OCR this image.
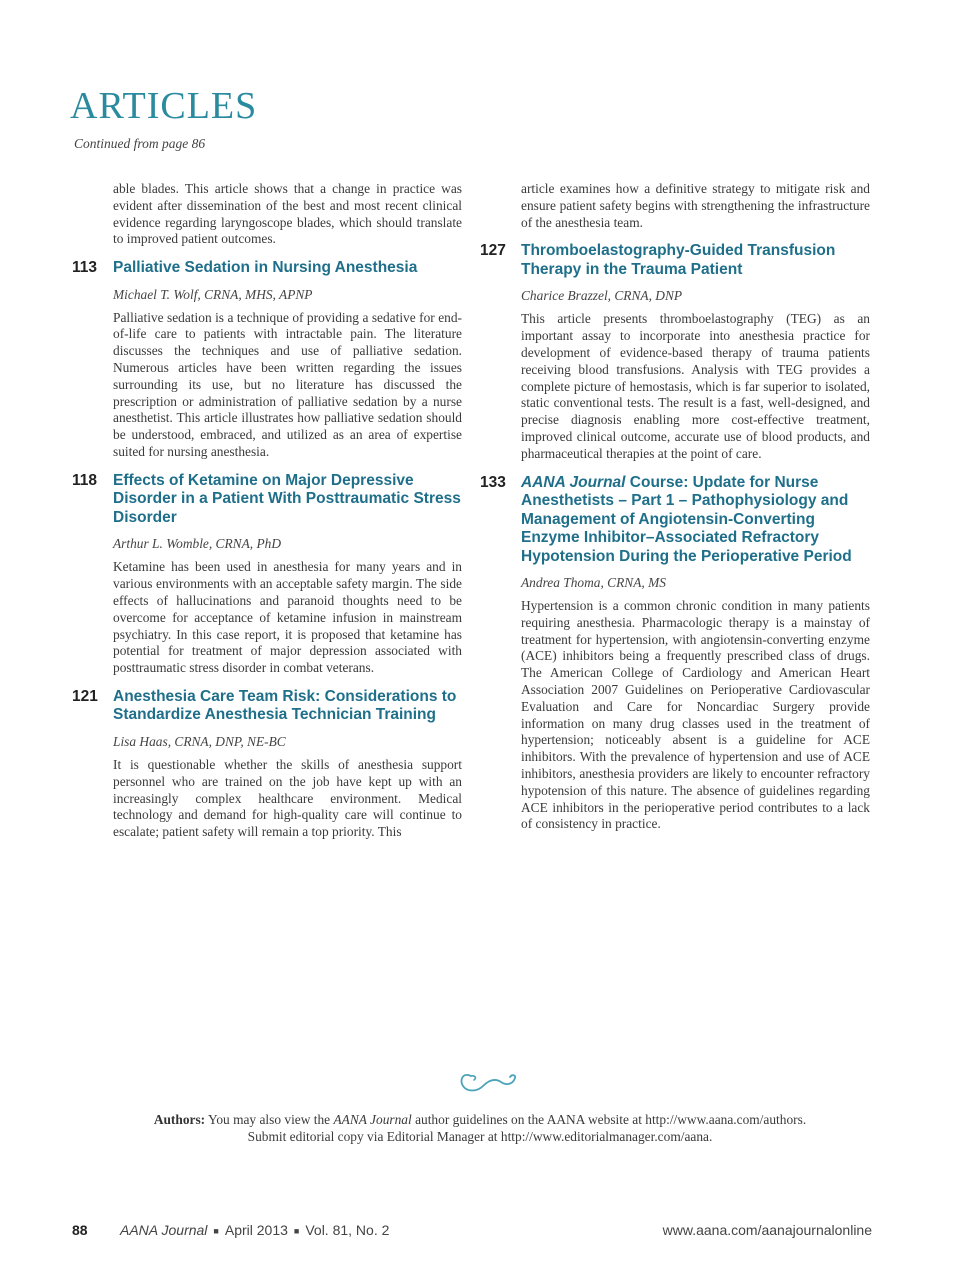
ARTICLES
Continued from page 86

able blades. This article shows that a change in practice was evident after dissemination of the best and most recent clinical evidence regarding laryngoscope blades, which should translate to improved patient outcomes.

113	Palliative Sedation in Nursing Anesthesia
Michael T. Wolf, CRNA, MHS, APNP

Palliative sedation is a technique of providing a sedative for end-of-life care to patients with intractable pain. The literature discusses the techniques and use of palliative sedation. Numerous articles have been written regarding the issues surrounding its use, but no literature has discussed the prescription or administration of palliative sedation by a nurse anesthetist. This article illustrates how palliative sedation should be understood, embraced, and utilized as an area of expertise suited for nursing anesthesia.

118	Effects of Ketamine on Major Depressive Disorder in a Patient With Posttraumatic Stress Disorder
Arthur L. Womble, CRNA, PhD

Ketamine has been used in anesthesia for many years and in various environments with an acceptable safety margin. The side effects of hallucinations and paranoid thoughts need to be overcome for acceptance of ketamine infusion in mainstream psychiatry. In this case report, it is proposed that ketamine has potential for treatment of major depression associated with posttraumatic stress disorder in combat veterans.

121 Anesthesia Care Team Risk: Considerations to Standardize Anesthesia Technician Training
Lisa Haas, CRNA, DNP, NE-BC

It is questionable whether the skills of anesthesia support personnel who are trained on the job have kept up with an increasingly complex healthcare environment. Medical technology and demand for high-quality care will continue to escalate; patient safety will remain a top priority. This

article examines how a definitive strategy to mitigate risk and ensure patient safety begins with strengthening the infrastructure of the anesthesia team.

127 Thromboelastography-Guided Transfusion Therapy in the Trauma Patient
Charice Brazzel, CRNA, DNP

This article presents thromboelastography (TEG) as an important assay to incorporate into anesthesia practice for development of evidence-based therapy of trauma patients receiving blood transfusions. Analysis with TEG provides a complete picture of hemostasis, which is far superior to isolated, static conventional tests. The result is a fast, well-designed, and precise diagnosis enabling more cost-effective treatment, improved clinical outcome, accurate use of blood products, and pharmaceutical therapies at the point of care.

133 AANA Journal Course: Update for Nurse Anesthetists – Part 1 – Pathophysiology and Management of Angiotensin-Converting Enzyme Inhibitor–Associated Refractory Hypotension During the Perioperative Period
Andrea Thoma, CRNA, MS

Hypertension is a common chronic condition in many patients requiring anesthesia. Pharmacologic therapy is a mainstay of treatment for hypertension, with angiotensin-converting enzyme (ACE) inhibitors being a frequently prescribed class of drugs. The American College of Cardiology and American Heart Association 2007 Guidelines on Perioperative Cardiovascular Evaluation and Care for Noncardiac Surgery provide information on many drug classes used in the treatment of hypertension; noticeably absent is a guideline for ACE inhibitors. With the prevalence of hypertension and use of ACE inhibitors, anesthesia providers are likely to encounter refractory hypotension of this nature. The absence of guidelines regarding ACE inhibitors in the perioperative period contributes to a lack of consistency in practice.

Authors: You may also view the AANA Journal author guidelines on the AANA website at http://www.aana.com/authors.
Submit editorial copy via Editorial Manager at http://www.editorialmanager.com/aana.
88	AANA Journal ■ April 2013 ■ Vol. 81, No. 2	www.aana.com/aanajournalonline
